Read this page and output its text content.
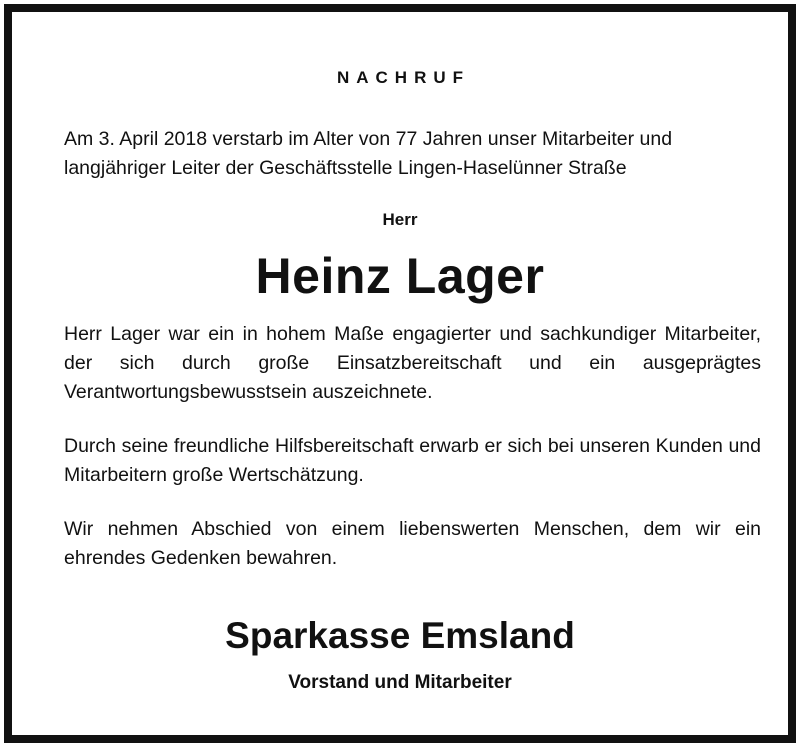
NACHRUF

Am 3. April 2018 verstarb im Alter von 77 Jahren unser Mitarbeiter und langjähriger Leiter der Geschäftsstelle Lingen-Haselünner Straße

Herr
Heinz Lager

Herr Lager war ein in hohem Maße engagierter und sachkundiger Mitarbeiter, der sich durch große Einsatzbereitschaft und ein ausgeprägtes Verantwortungsbewusstsein auszeichnete.

Durch seine freundliche Hilfsbereitschaft erwarb er sich bei unseren Kunden und Mitarbeitern große Wertschätzung.

Wir nehmen Abschied von einem liebenswerten Menschen, dem wir ein ehrendes Gedenken bewahren.

Sparkasse Emsland
Vorstand und Mitarbeiter
